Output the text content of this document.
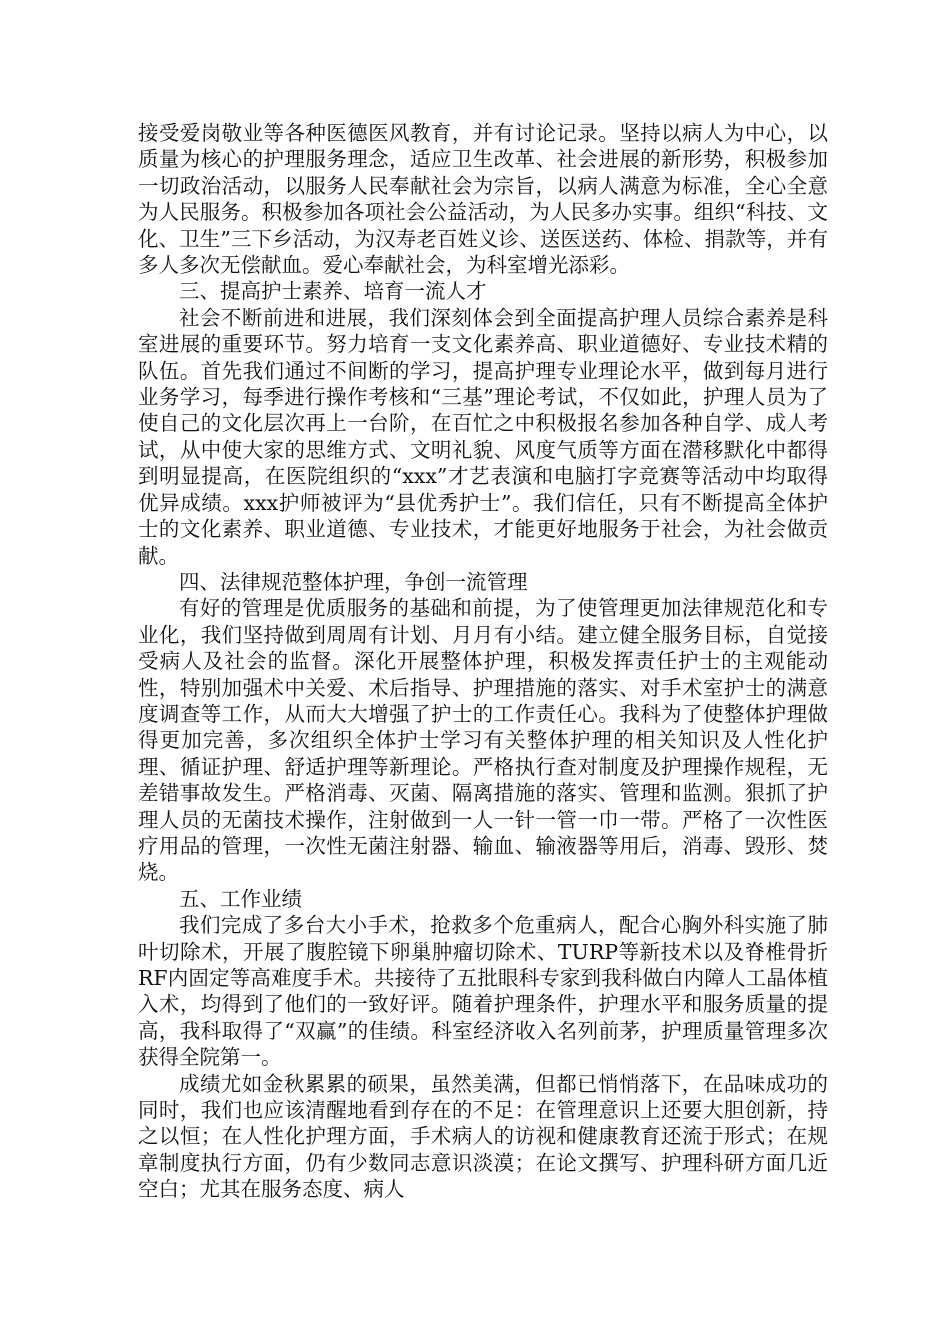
接受爱岗敬业等各种医德医风教育，并有讨论记录。坚持以病人为中心，以质量为核心的护理服务理念，适应卫生改革、社会进展的新形势，积极参加一切政治活动，以服务人民奉献社会为宗旨，以病人满意为标准，全心全意为人民服务。积极参加各项社会公益活动，为人民多办实事。组织“科技、文化、卫生”三下乡活动，为汉寿老百姓义诊、送医送药、体检、捐款等，并有多人多次无偿献血。爱心奉献社会，为科室增光添彩。

三、提高护士素养、培育一流人才

社会不断前进和进展，我们深刻体会到全面提高护理人员综合素养是科室进展的重要环节。努力培育一支文化素养高、职业道德好、专业技术精的队伍。首先我们通过不间断的学习，提高护理专业理论水平，做到每月进行业务学习，每季进行操作考核和“三基”理论考试，不仅如此，护理人员为了使自己的文化层次再上一台阶，在百忙之中积极报名参加各种自学、成人考试，从中使大家的思维方式、文明礼貌、风度气质等方面在潜移默化中都得到明显提高，在医院组织的“xxx”才艺表演和电脑打字竞赛等活动中均取得优异成绩。xxx护师被评为“县优秀护士”。我们信任，只有不断提高全体护士的文化素养、职业道德、专业技术，才能更好地服务于社会，为社会做贡献。

四、法律规范整体护理，争创一流管理

有好的管理是优质服务的基础和前提，为了使管理更加法律规范化和专业化，我们坚持做到周周有计划、月月有小结。建立健全服务目标，自觉接受病人及社会的监督。深化开展整体护理，积极发挥责任护士的主观能动性，特别加强术中关爱、术后指导、护理措施的落实、对手术室护士的满意度调查等工作，从而大大增强了护士的工作责任心。我科为了使整体护理做得更加完善，多次组织全体护士学习有关整体护理的相关知识及人性化护理、循证护理、舒适护理等新理论。严格执行查对制度及护理操作规程，无差错事故发生。严格消毒、灭菌、隔离措施的落实、管理和监测。狠抓了护理人员的无菌技术操作，注射做到一人一针一管一巾一带。严格了一次性医疗用品的管理，一次性无菌注射器、输血、输液器等用后，消毒、毁形、焚烧。

五、工作业绩

我们完成了多台大小手术，抢救多个危重病人，配合心胸外科实施了肺叶切除术，开展了腹腔镜下卵巢肿瘤切除术、TURP等新技术以及脊椎骨折RF内固定等高难度手术。共接待了五批眼科专家到我科做白内障人工晶体植入术，均得到了他们的一致好评。随着护理条件，护理水平和服务质量的提高，我科取得了“双赢”的佳绩。科室经济收入名列前茅，护理质量管理多次获得全院第一。

成绩尤如金秋累累的硕果，虽然美满，但都已悄悄落下，在品味成功的同时，我们也应该清醒地看到存在的不足：在管理意识上还要大胆创新，持之以恒；在人性化护理方面，手术病人的访视和健康教育还流于形式；在规章制度执行方面，仍有少数同志意识淡漠；在论文撰写、护理科研方面几近空白；尤其在服务态度、病人
